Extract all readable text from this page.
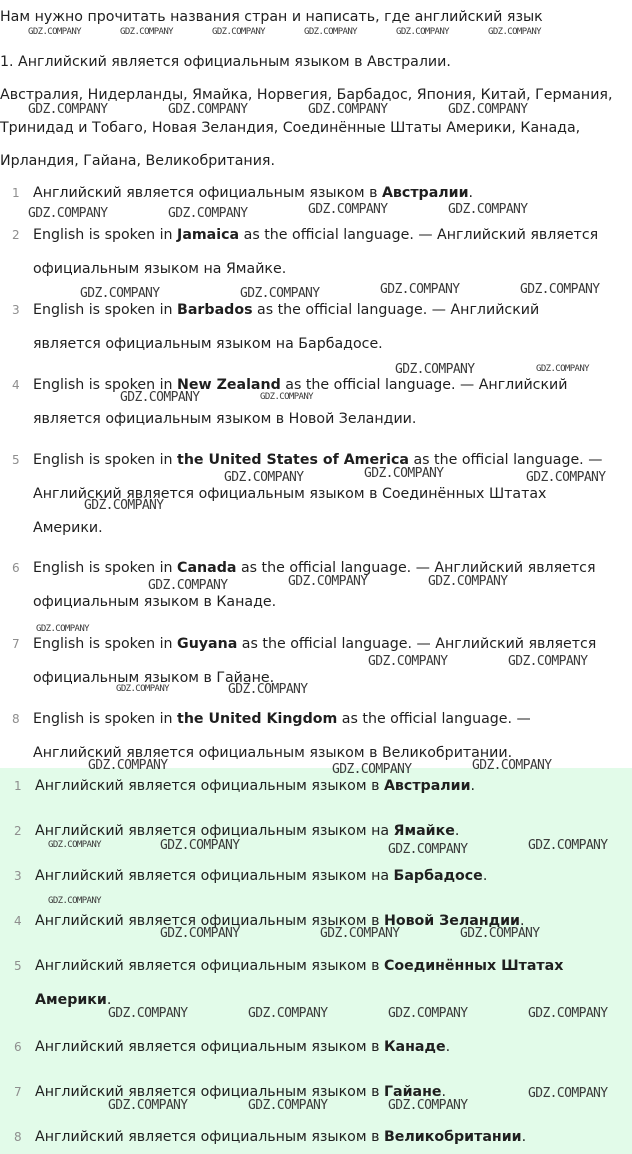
Нам нужно прочитать названия стран и написать, где английский язык
1. Английский является официальным языком в Австралии.
Австралия, Нидерланды, Ямайка, Норвегия, Барбадос, Япония, Китай, Германия, Тринидад и Тобаго, Новая Зеландия, Соединённые Штаты Америки, Канада, Ирландия, Гайана, Великобритания.
1 Английский является официальным языком в Австралии.
2 English is spoken in Jamaica as the official language. — Английский является официальным языком на Ямайке.
3 English is spoken in Barbados as the official language. — Английский является официальным языком на Барбадосе.
4 English is spoken in New Zealand as the official language. — Английский является официальным языком в Новой Зеландии.
5 English is spoken in the United States of America as the official language. — Английский является официальным языком в Соединённых Штатах Америки.
6 English is spoken in Canada as the official language. — Английский является официальным языком в Канаде.
7 English is spoken in Guyana as the official language. — Английский является официальным языком в Гайане.
8 English is spoken in the United Kingdom as the official language. — Английский является официальным языком в Великобритании.
1 Английский является официальным языком в Австралии.
2 Английский является официальным языком на Ямайке.
3 Английский является официальным языком на Барбадосе.
4 Английский является официальным языком в Новой Зеландии.
5 Английский является официальным языком в Соединённых Штатах Америки.
6 Английский является официальным языком в Канаде.
7 Английский является официальным языком в Гайане.
8 Английский является официальным языком в Великобритании.
GDZ.COMPANY	GDZ.COMPANY	GDZ.COMPANY	GDZ.COMPANY	GDZ.COMPANY	GDZ.COMPANY
GDZ.COMPANY	GDZ.COMPANY	GDZ.COMPANY	GDZ.COMPANY
GDZ.COMPANY	GDZ.COMPANY	GDZ.COMPANY	GDZ.COMPANY
GDZ.COMPANY	GDZ.COMPANY	GDZ.COMPANY	GDZ.COMPANY
GDZ.COMPANY	GDZ.COMPANY
GDZ.COMPANY	GDZ.COMPANY
GDZ.COMPANY	GDZ.COMPANY	GDZ.COMPANY
GDZ.COMPANY
GDZ.COMPANY	GDZ.COMPANY	GDZ.COMPANY
GDZ.COMPANY
GDZ.COMPANY	GDZ.COMPANY
GDZ.COMPANY	GDZ.COMPANY
GDZ.COMPANY	GDZ.COMPANY	GDZ.COMPANY
GDZ.COMPANY	GDZ.COMPANY	GDZ.COMPANY	GDZ.COMPANY
GDZ.COMPANY
GDZ.COMPANY	GDZ.COMPANY	GDZ.COMPANY
GDZ.COMPANY	GDZ.COMPANY	GDZ.COMPANY	GDZ.COMPANY
GDZ.COMPANY
GDZ.COMPANY	GDZ.COMPANY	GDZ.COMPANY
